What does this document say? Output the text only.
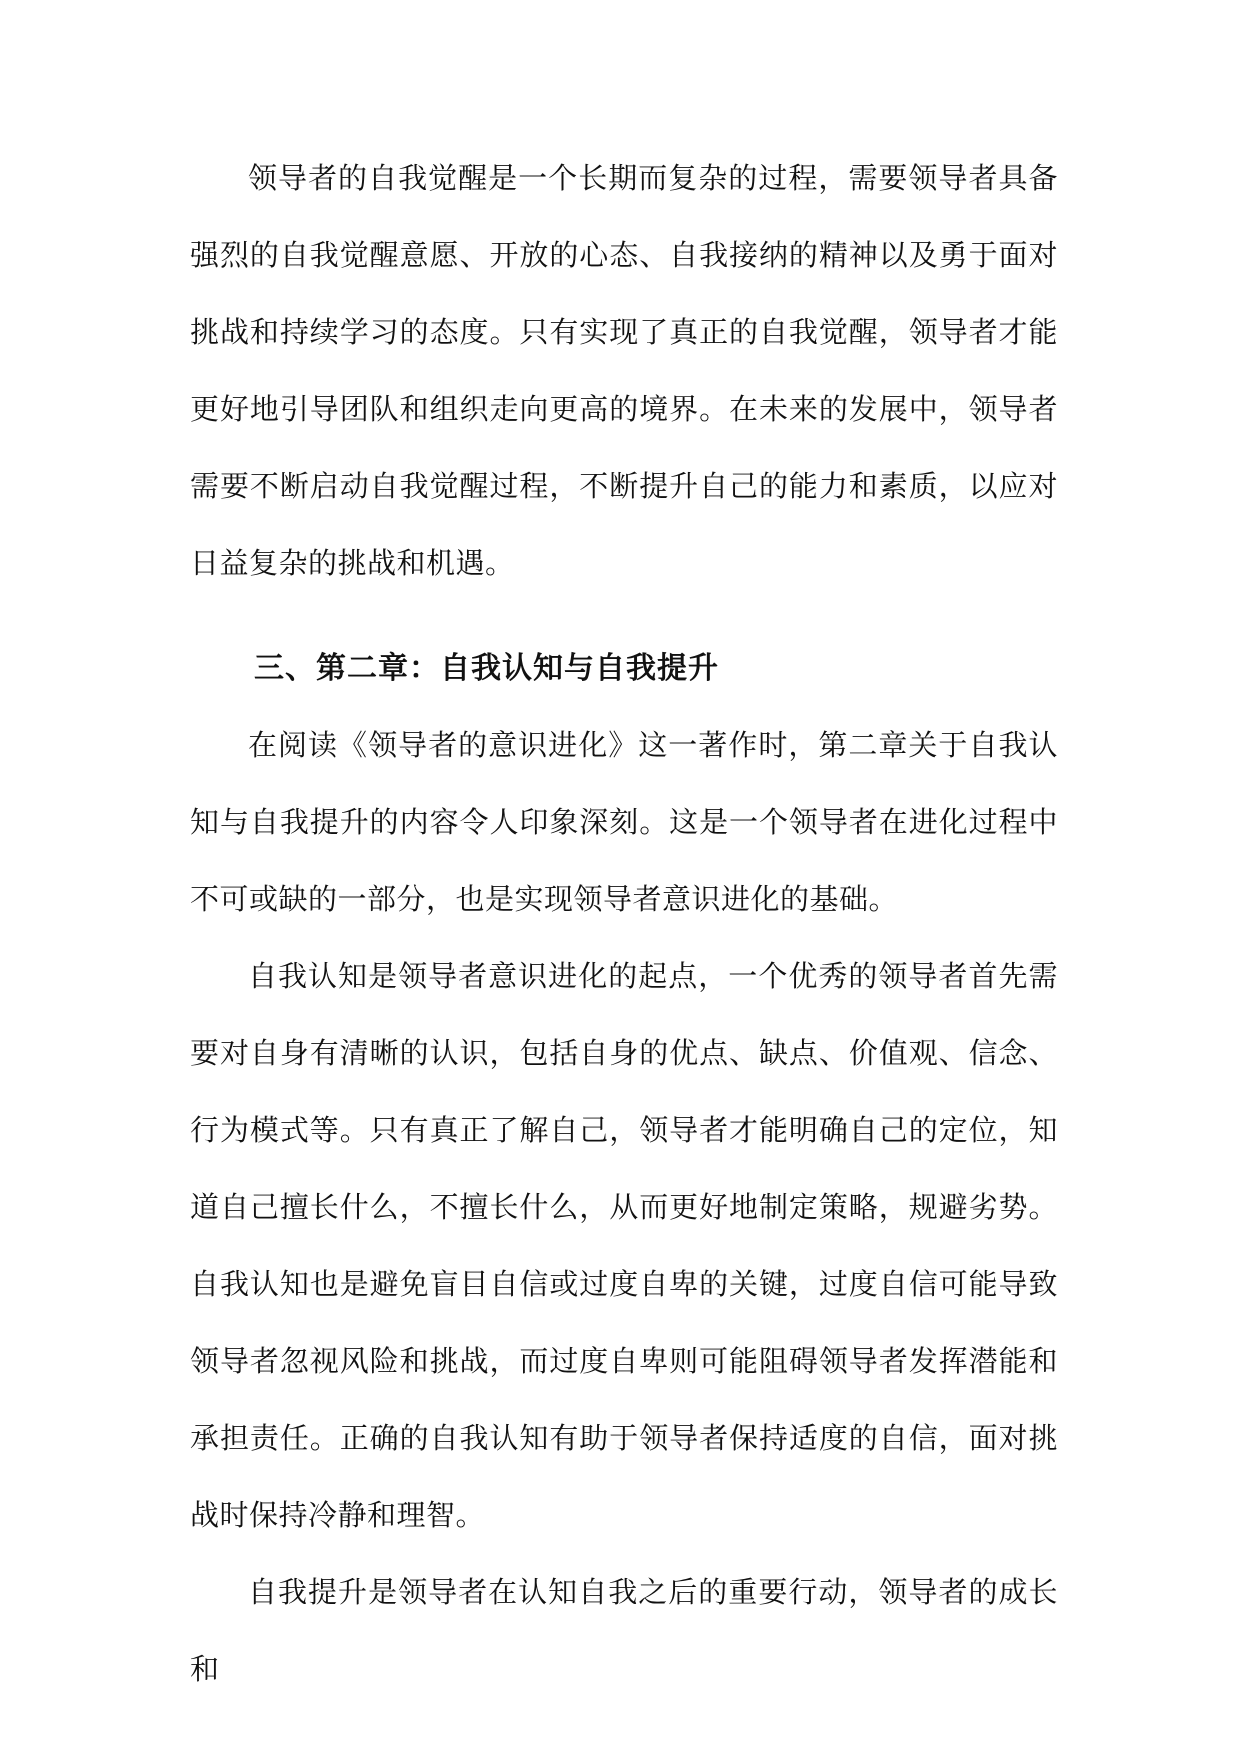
领导者的自我觉醒是一个长期而复杂的过程，需要领导者具备强烈的自我觉醒意愿、开放的心态、自我接纳的精神以及勇于面对挑战和持续学习的态度。只有实现了真正的自我觉醒，领导者才能更好地引导团队和组织走向更高的境界。在未来的发展中，领导者需要不断启动自我觉醒过程，不断提升自己的能力和素质，以应对日益复杂的挑战和机遇。

三、第二章：自我认知与自我提升

在阅读《领导者的意识进化》这一著作时，第二章关于自我认知与自我提升的内容令人印象深刻。这是一个领导者在进化过程中不可或缺的一部分，也是实现领导者意识进化的基础。

自我认知是领导者意识进化的起点，一个优秀的领导者首先需要对自身有清晰的认识，包括自身的优点、缺点、价值观、信念、行为模式等。只有真正了解自己，领导者才能明确自己的定位，知道自己擅长什么，不擅长什么，从而更好地制定策略，规避劣势。自我认知也是避免盲目自信或过度自卑的关键，过度自信可能导致领导者忽视风险和挑战，而过度自卑则可能阻碍领导者发挥潜能和承担责任。正确的自我认知有助于领导者保持适度的自信，面对挑战时保持冷静和理智。

自我提升是领导者在认知自我之后的重要行动，领导者的成长和
